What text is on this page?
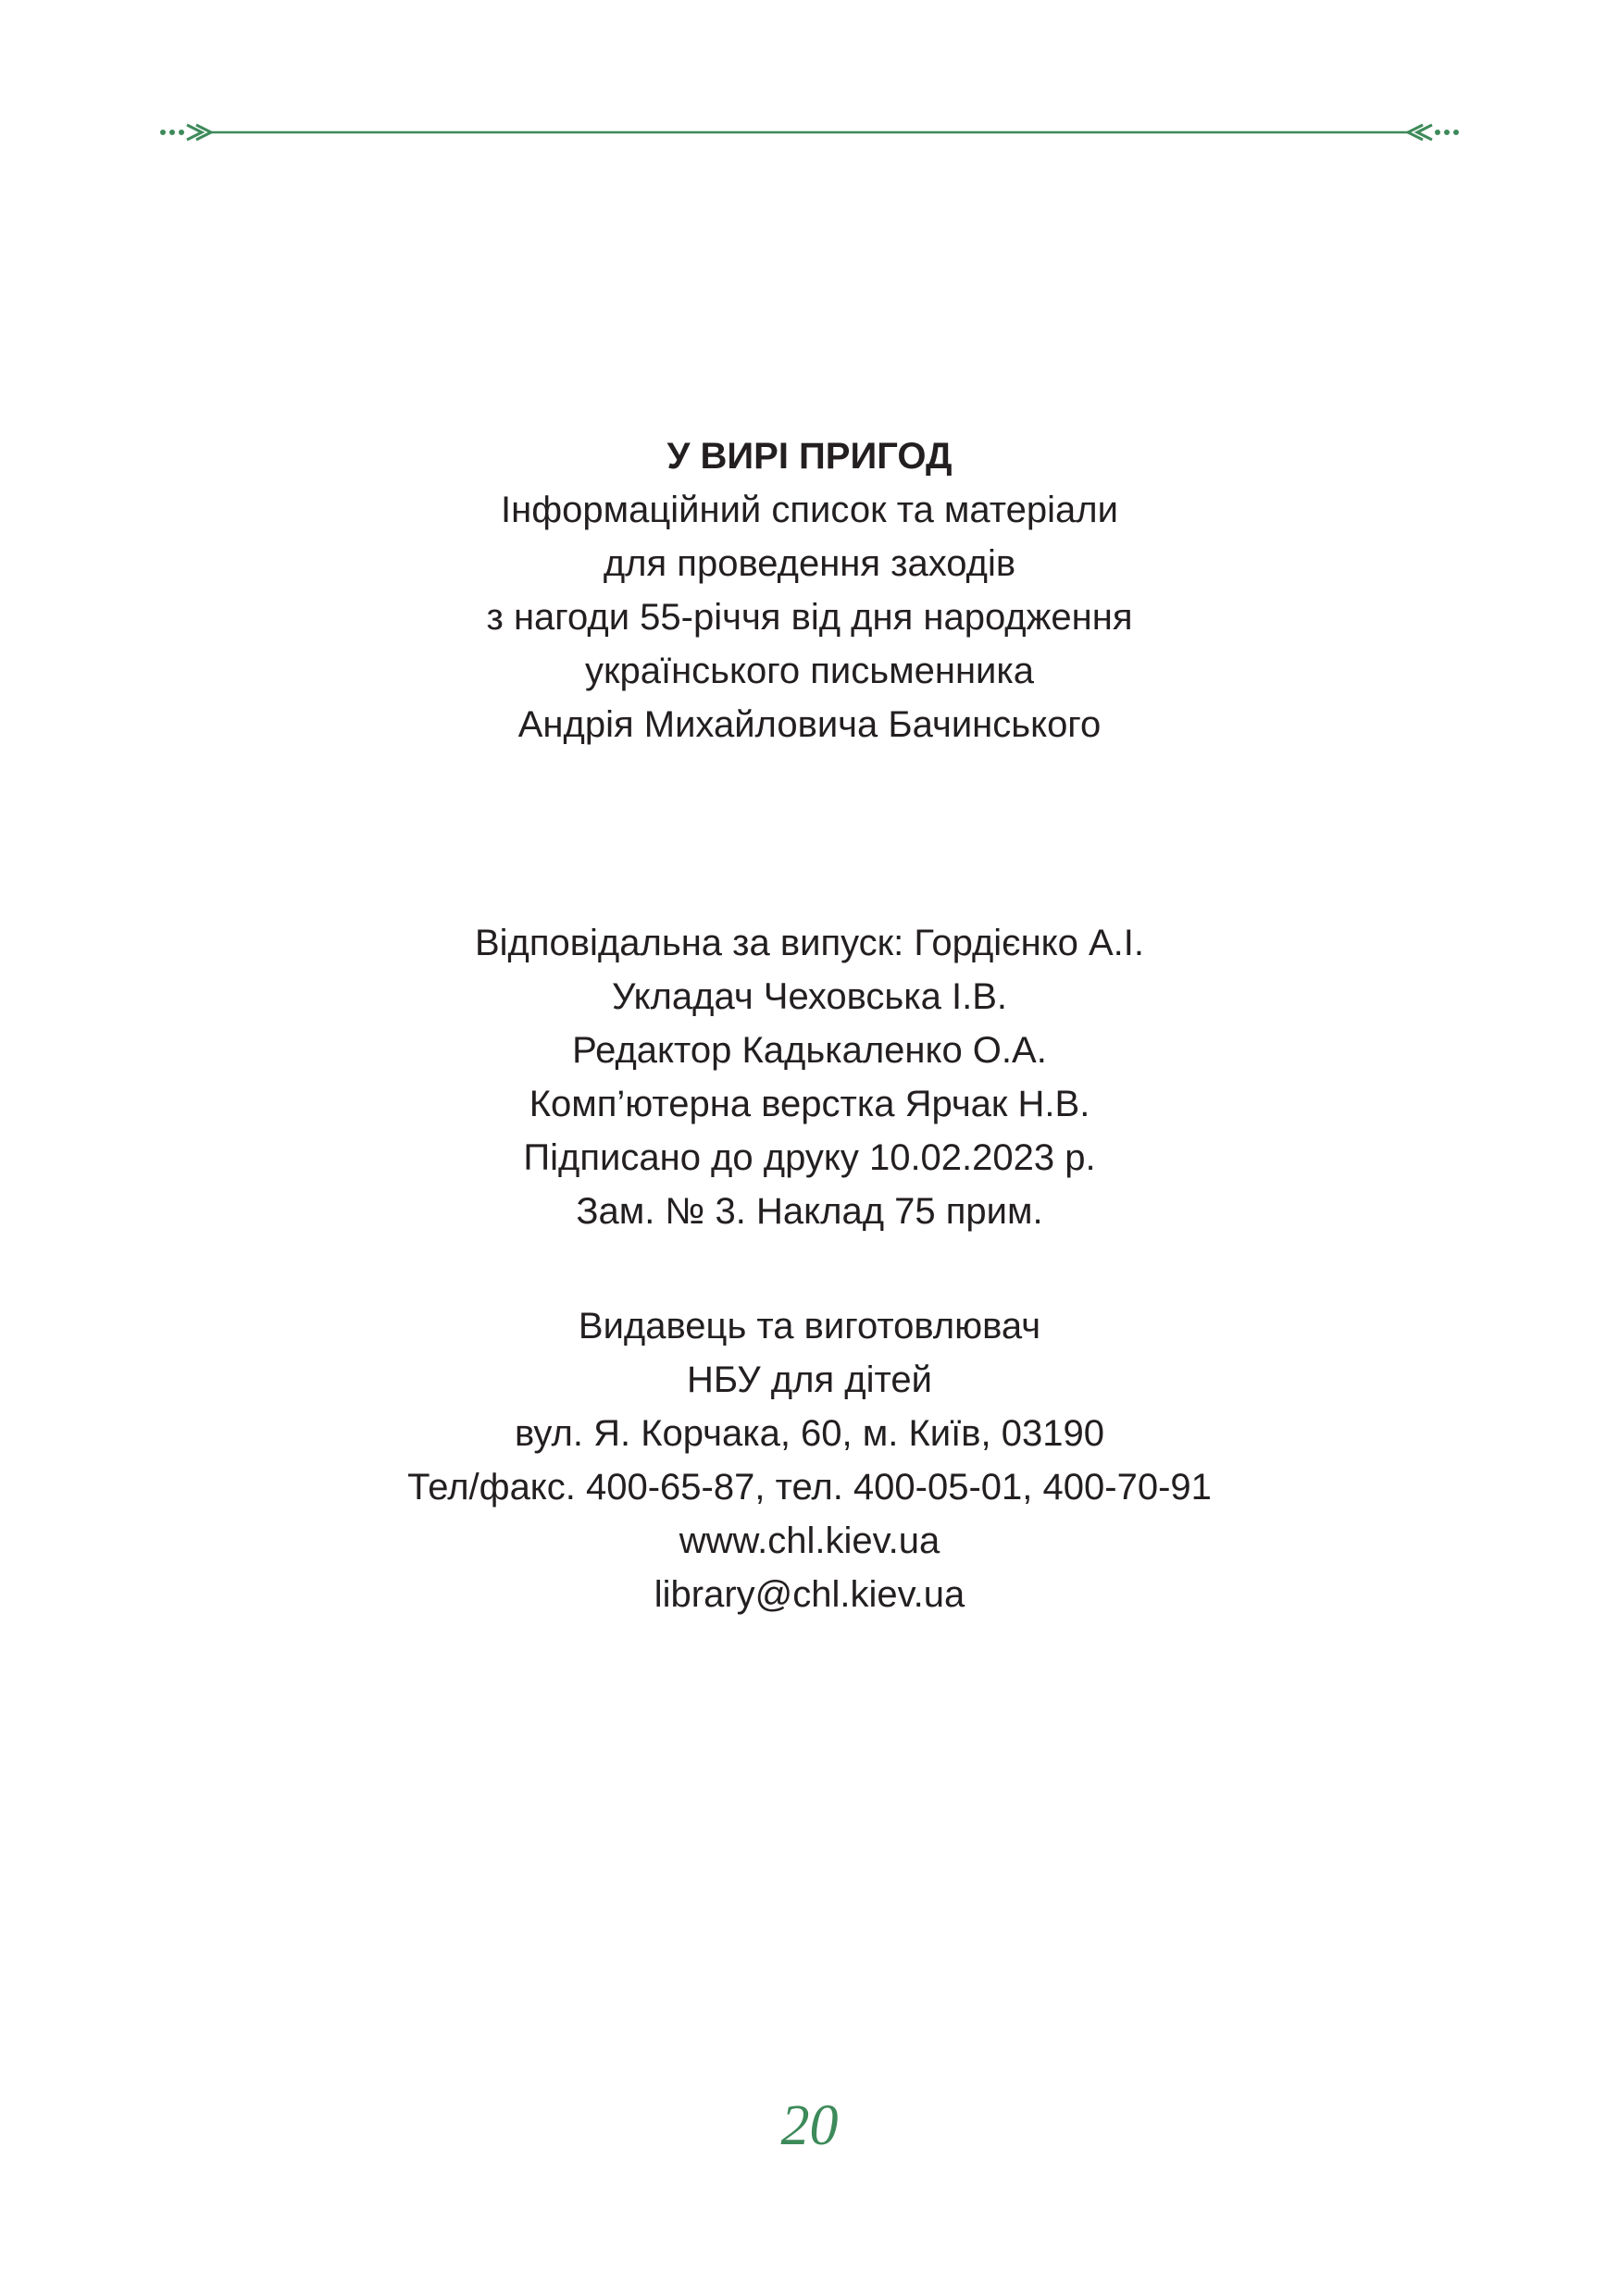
У ВИРІ ПРИГОД
Інформаційний список та матеріали
для проведення заходів
з нагоди 55-річчя від дня народження
українського письменника
Андрія Михайловича Бачинського
Відповідальна за випуск: Гордієнко А.І.
Укладач Чеховська І.В.
Редактор Кадькаленко О.А.
Комп’ютерна верстка Ярчак Н.В.
Підписано до друку 10.02.2023 р.
Зам. № 3. Наклад 75 прим.
Видавець та виготовлювач
НБУ для дітей
вул. Я. Корчака, 60, м. Київ, 03190
Тел/факс. 400-65-87, тел. 400-05-01, 400-70-91
www.chl.kiev.ua
library@chl.kiev.ua
20
